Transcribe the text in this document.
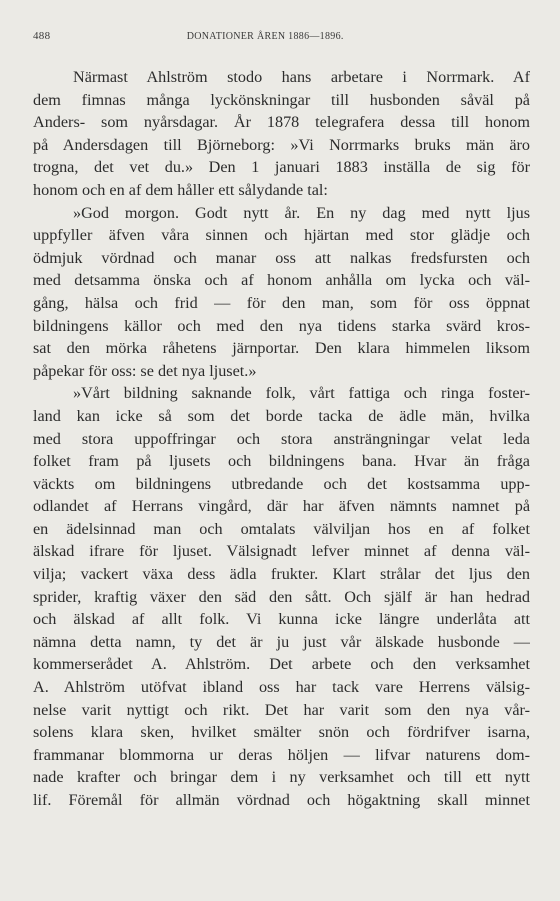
488	DONATIONER ÅREN 1886—1896.
Närmast Ahlström stodo hans arbetare i Norrmark. Af
dem fimnas många lyckönskningar till husbonden såväl på
Anders- som nyårsdagar. År 1878 telegraferа dessa till honom
på Andersdagen till Björneborg: »Vi Norrmarks bruks män äro
trogna, det vet du.» Den 1 januari 1883 inställa de sig för
honom och en af dem håller ett sålydande tal:
»God morgon. Godt nytt år. En ny dag med nytt ljus
uppfyller äfven våra sinnen och hjärtan med stor glädje och
ödmjuk vördnad och manar oss att nalkas fredsfursten och
med detsamma önska och af honom anhålla om lycka och väl-
gång, hälsa och frid — för den man, som för oss öppnat
bildningens källor och med den nya tidens starka svärd kros-
sat den mörka råhetens järnportar. Den klara himmelen liksom
påpekar för oss: se det nya ljuset.»
»Vårt bildning saknande folk, vårt fattiga och ringa foster-
land kan icke så som det borde tacka de ädle män, hvilka
med stora uppoffringar och stora ansträngningar velat leda
folket fram på ljusets och bildningens bana. Hvar än fråga
väckts om bildningens utbredande och det kostsamma upp-
odlandet af Herrans vingård, där har äfven nämnts namnet på
en ädelsinnad man och omtalats välviljan hos en af folket
älskad ifrare för ljuset. Välsignadt lefver minnet af denna väl-
vilja; vackert växa dess ädla frukter. Klart strålar det ljus den
sprider, kraftig växer den säd den sått. Och själf är han hedrad
och älskad af allt folk. Vi kunna icke längre underlåta att
nämna detta namn, ty det är ju just vår älskade husbonde —
kommerserådet A. Ahlström. Det arbete och den verksamhet
A. Ahlström utöfvat ibland oss har tack vare Herrens välsig-
nelse varit nyttigt och rikt. Det har varit som den nya vår-
solens klara sken, hvilket smälter snön och fördrifver isarna,
frammanar blommorna ur deras höljen — lifvar naturens dom-
nade krafter och bringar dem i ny verksamhet och till ett nytt
lif. Föremål för allmän vördnad och högaktning skall minnet
